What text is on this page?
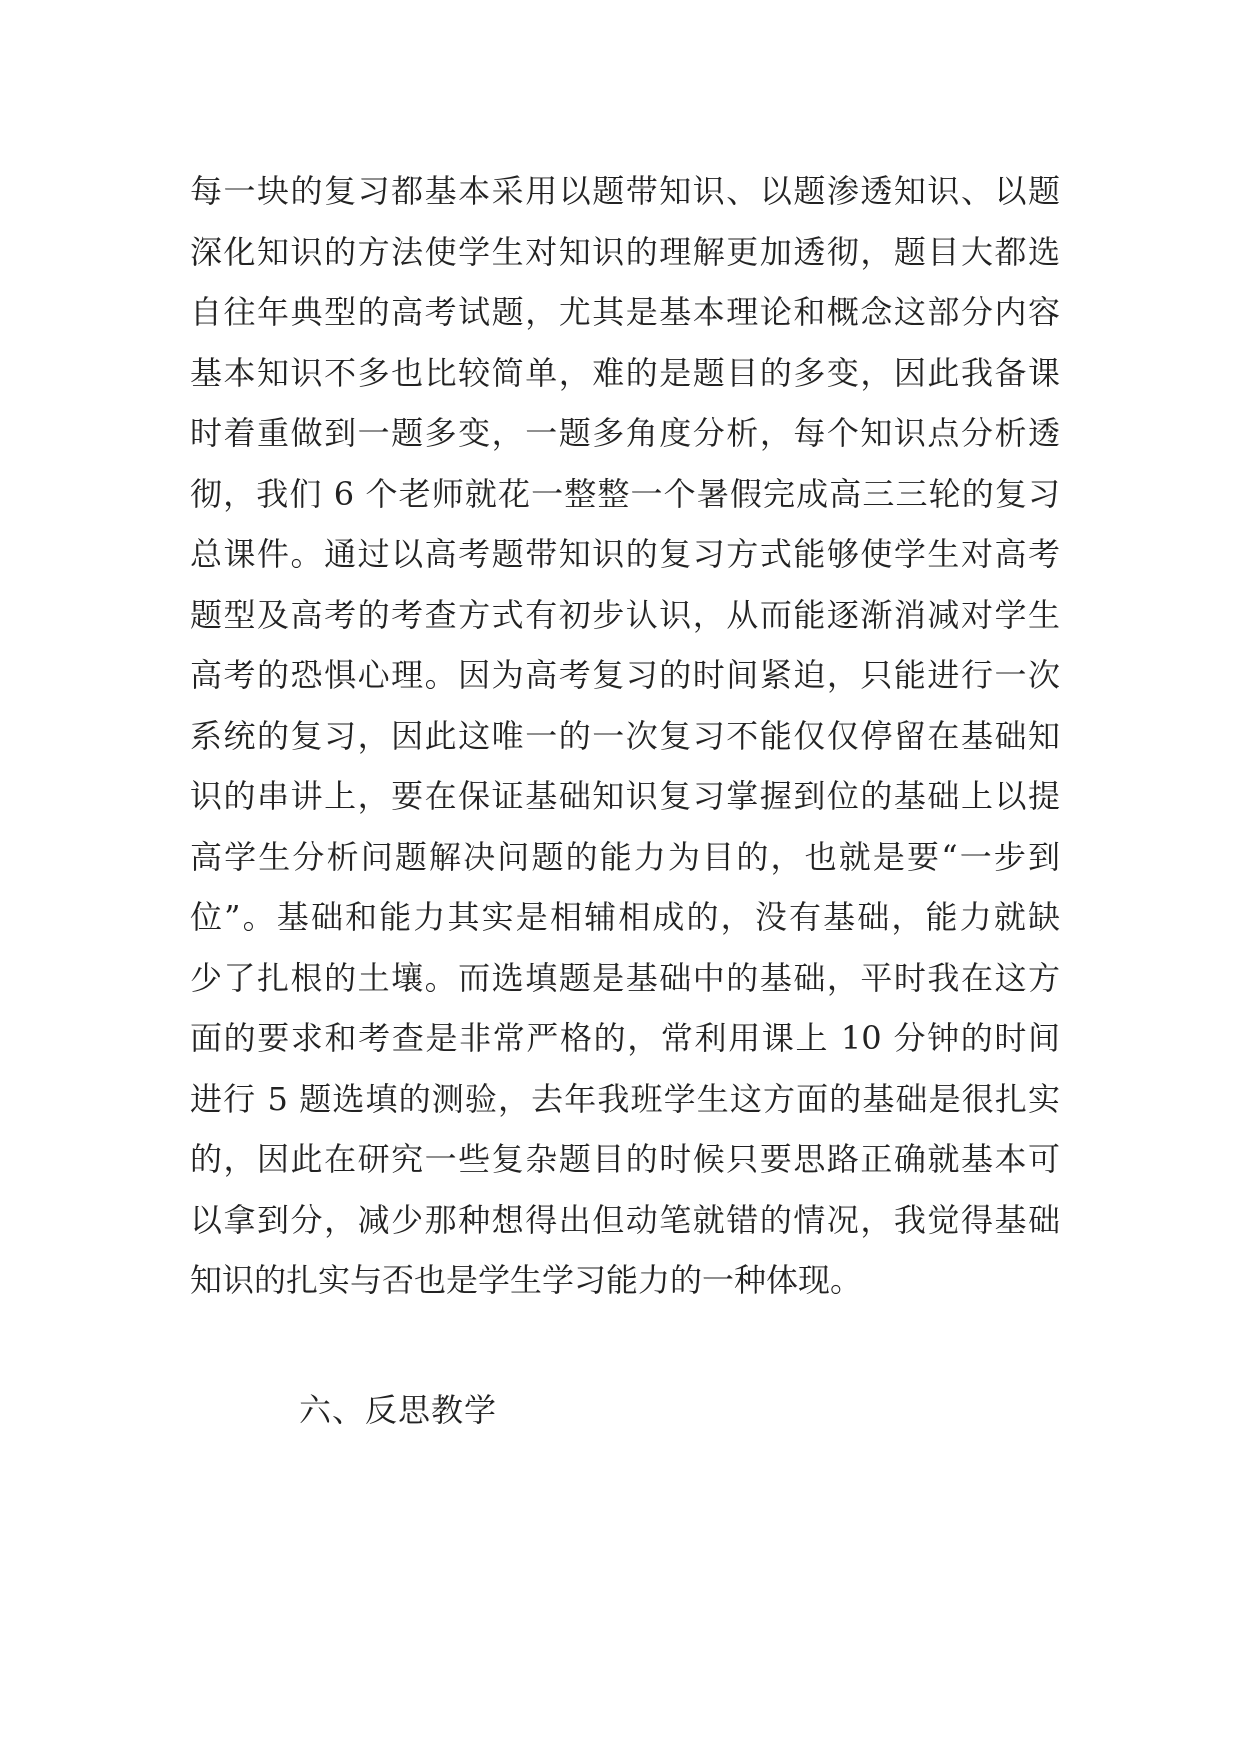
每一块的复习都基本采用以题带知识、以题渗透知识、以题
深化知识的方法使学生对知识的理解更加透彻，题目大都选
自往年典型的高考试题，尤其是基本理论和概念这部分内容
基本知识不多也比较简单，难的是题目的多变，因此我备课
时着重做到一题多变，一题多角度分析，每个知识点分析透
彻，我们 6 个老师就花一整整一个暑假完成高三三轮的复习
总课件。通过以高考题带知识的复习方式能够使学生对高考
题型及高考的考查方式有初步认识，从而能逐渐消减对学生
高考的恐惧心理。因为高考复习的时间紧迫，只能进行一次
系统的复习，因此这唯一的一次复习不能仅仅停留在基础知
识的串讲上，要在保证基础知识复习掌握到位的基础上以提
高学生分析问题解决问题的能力为目的，也就是要“一步到
位”。基础和能力其实是相辅相成的，没有基础，能力就缺
少了扎根的土壤。而选填题是基础中的基础，平时我在这方
面的要求和考查是非常严格的，常利用课上 10 分钟的时间
进行 5 题选填的测验，去年我班学生这方面的基础是很扎实
的，因此在研究一些复杂题目的时候只要思路正确就基本可
以拿到分，减少那种想得出但动笔就错的情况，我觉得基础
知识的扎实与否也是学生学习能力的一种体现。
六、反思教学
